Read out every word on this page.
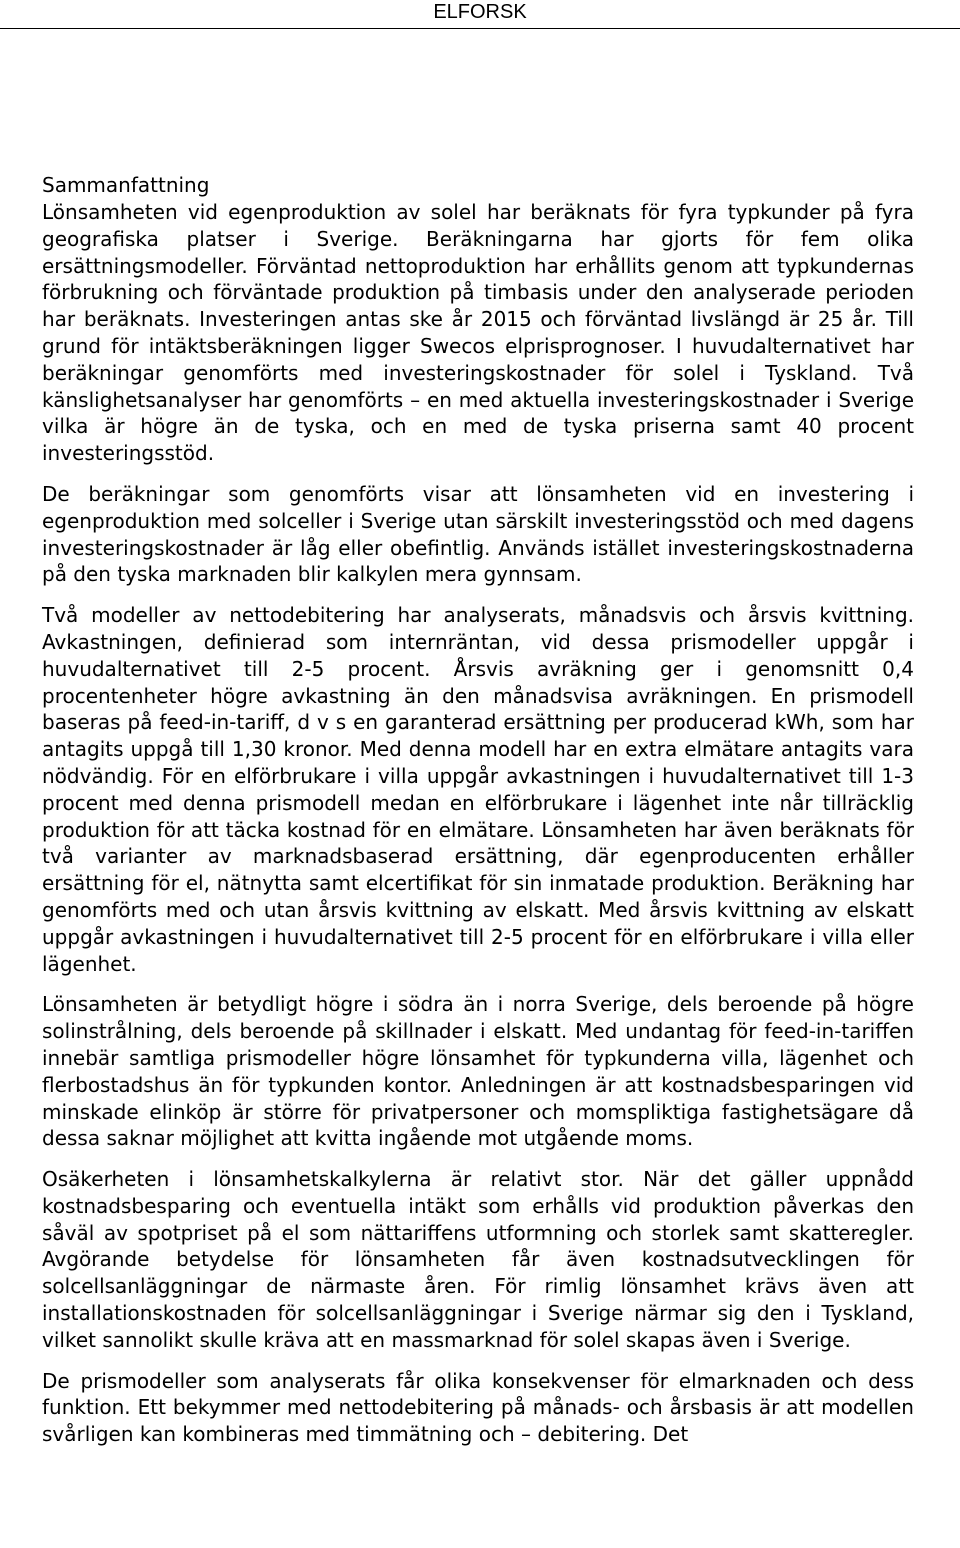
ELFORSK
Sammanfattning

Lönsamheten vid egenproduktion av solel har beräknats för fyra typkunder på fyra geografiska platser i Sverige. Beräkningarna har gjorts för fem olika ersättningsmodeller. Förväntad nettoproduktion har erhållits genom att typkundernas förbrukning och förväntade produktion på timbasis under den analyserade perioden har beräknats. Investeringen antas ske år 2015 och förväntad livslängd är 25 år. Till grund för intäktsberäkningen ligger Swecos elprisprognoser. I huvudalternativet har beräkningar genomförts med investeringskostnader för solel i Tyskland. Två känslighetsanalyser har genomförts – en med aktuella investeringskostnader i Sverige vilka är högre än de tyska, och en med de tyska priserna samt 40 procent investeringsstöd.

De beräkningar som genomförts visar att lönsamheten vid en investering i egenproduktion med solceller i Sverige utan särskilt investeringsstöd och med dagens investeringskostnader är låg eller obefintlig. Används istället investeringskostnaderna på den tyska marknaden blir kalkylen mera gynnsam.

Två modeller av nettodebitering har analyserats, månadsvis och årsvis kvittning. Avkastningen, definierad som internräntan, vid dessa prismodeller uppgår i huvudalternativet till 2-5 procent. Årsvis avräkning ger i genomsnitt 0,4 procentenheter högre avkastning än den månadsvisa avräkningen. En prismodell baseras på feed-in-tariff, d v s en garanterad ersättning per producerad kWh, som har antagits uppgå till 1,30 kronor. Med denna modell har en extra elmätare antagits vara nödvändig. För en elförbrukare i villa uppgår avkastningen i huvudalternativet till 1-3 procent med denna prismodell medan en elförbrukare i lägenhet inte når tillräcklig produktion för att täcka kostnad för en elmätare. Lönsamheten har även beräknats för två varianter av marknadsbaserad ersättning, där egenproducenten erhåller ersättning för el, nätnytta samt elcertifikat för sin inmatade produktion. Beräkning har genomförts med och utan årsvis kvittning av elskatt. Med årsvis kvittning av elskatt uppgår avkastningen i huvudalternativet till 2-5 procent för en elförbrukare i villa eller lägenhet.

Lönsamheten är betydligt högre i södra än i norra Sverige, dels beroende på högre solinstrålning, dels beroende på skillnader i elskatt. Med undantag för feed-in-tariffen innebär samtliga prismodeller högre lönsamhet för typkunderna villa, lägenhet och flerbostadshus än för typkunden kontor. Anledningen är att kostnadsbesparingen vid minskade elinköp är större för privatpersoner och momspliktiga fastighetsägare då dessa saknar möjlighet att kvitta ingående mot utgående moms.

Osäkerheten i lönsamhetskalkylerna är relativt stor. När det gäller uppnådd kostnadsbesparing och eventuella intäkt som erhålls vid produktion påverkas den såväl av spotpriset på el som nättariffens utformning och storlek samt skatteregler. Avgörande betydelse för lönsamheten får även kostnadsutvecklingen för solcellsanläggningar de närmaste åren. För rimlig lönsamhet krävs även att installationskostnaden för solcellsanläggningar i Sverige närmar sig den i Tyskland, vilket sannolikt skulle kräva att en massmarknad för solel skapas även i Sverige.

De prismodeller som analyserats får olika konsekvenser för elmarknaden och dess funktion. Ett bekymmer med nettodebitering på månads- och årsbasis är att modellen svårligen kan kombineras med timmätning och – debitering. Det
